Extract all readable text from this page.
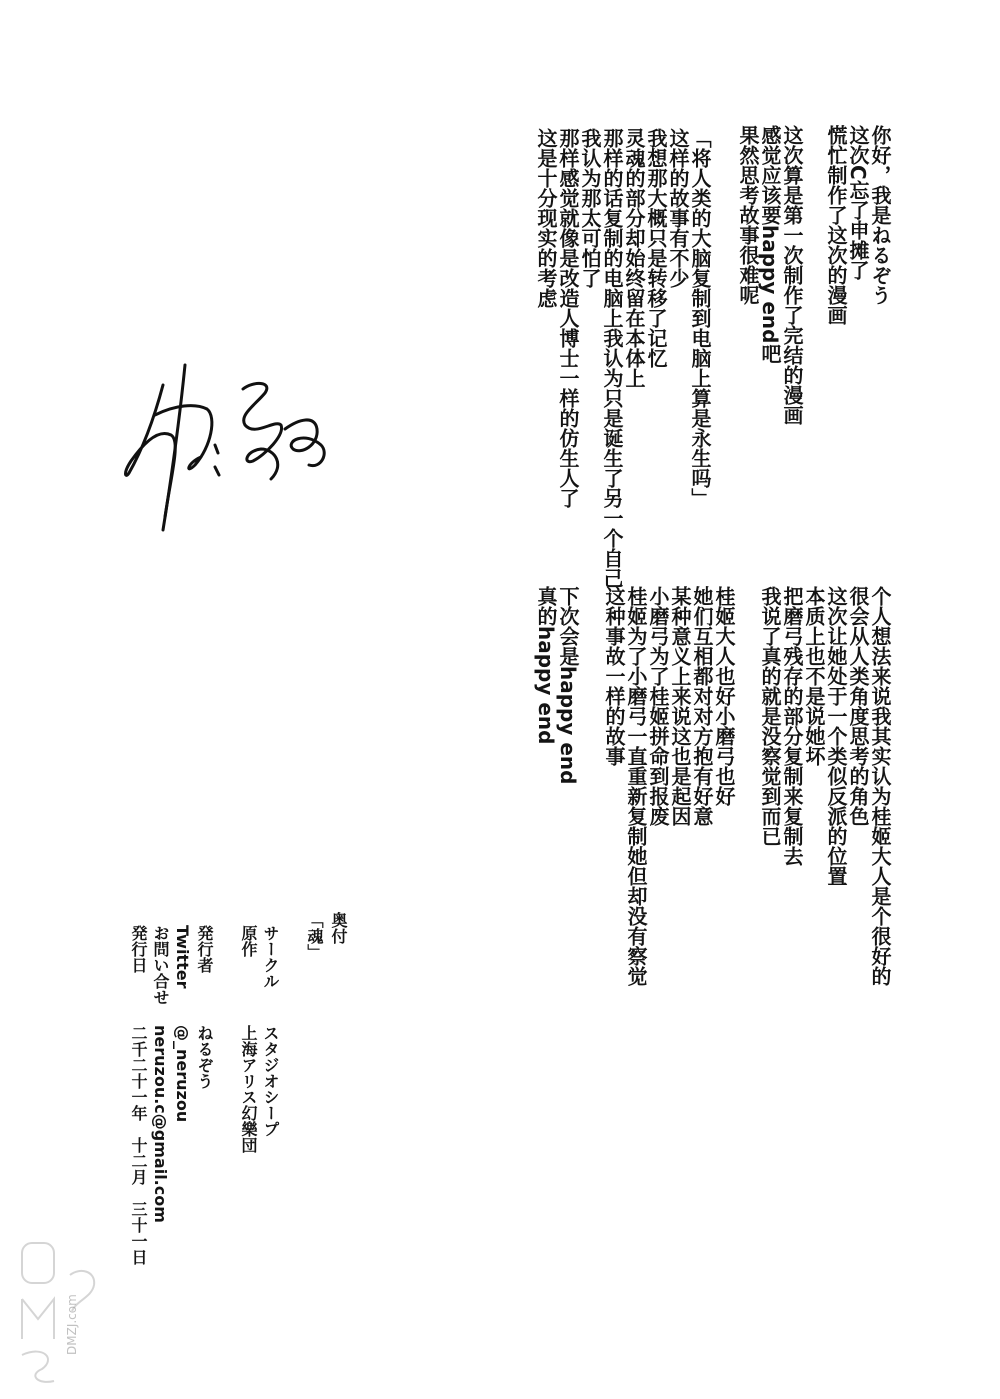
你好，我是ねるぞう
这次C忘了申摊了
慌忙制作了这次的漫画
这次算是第一次制作了完结的漫画
感觉应该要happy end吧
果然思考故事很难呢
「将人类的大脑复制到电脑上算是永生吗」
这样的故事有不少
我想那大概只是转移了记忆
灵魂的部分却始终留在本体上
那样的话复制的电脑上我认为只是诞生了另一个自己
我认为那太可怕了
那样感觉就像是改造人博士一样的仿生人了
这是十分现实的考虑
个人想法来说我其实认为桂姬大人是个很好的
很会从人类角度思考的角色
这次让她处于一个类似反派的位置
本质上也不是说她坏
把磨弓残存的部分复制来复制去
我说了真的就是没察觉到而已
桂姬大人也好小磨弓也好
她们互相都对对方抱有好意
某种意义上来说这也是起因
小磨弓为了桂姬拼命到报废
桂姬为了小磨弓一直重新复制她但却没有察觉
这种事故一样的故事
下次会是happy end
真的happy end
奥付
「魂」
サークル
スタジオシープ
原作
上海アリス幻樂団
発行者
ねるぞう
Twitter
@_neruzou
お問い合せ
neruzou.c@gmail.com
発行日
二千二十一年　十二月　三十一日
DMZJ.com
